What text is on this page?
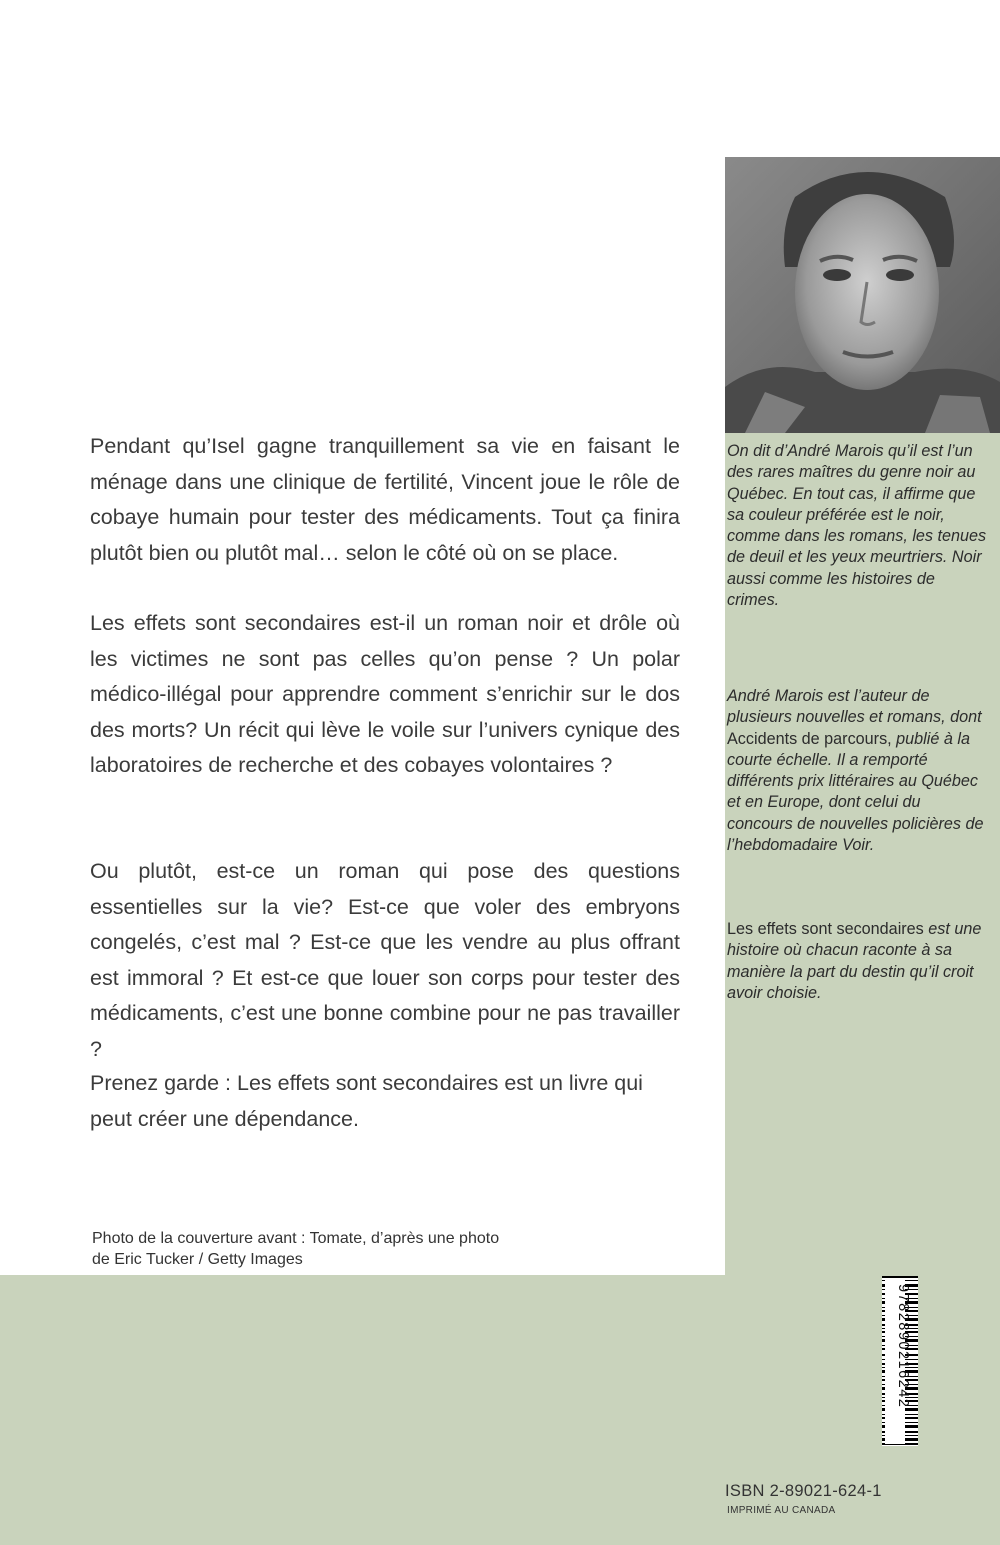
Pendant qu’Isel gagne tranquillement sa vie en faisant le ménage dans une clinique de fertilité, Vincent joue le rôle de cobaye humain pour tester des médicaments. Tout ça finira plutôt bien ou plutôt mal… selon le côté où on se place.

Les effets sont secondaires est-il un roman noir et drôle où les victimes ne sont pas celles qu’on pense ? Un polar médico-illégal pour apprendre comment s’enrichir sur le dos des morts? Un récit qui lève le voile sur l’univers cynique des laboratoires de recherche et des cobayes volontaires ?

Ou plutôt, est-ce un roman qui pose des questions essentielles sur la vie? Est-ce que voler des embryons congelés, c’est mal ? Est-ce que les vendre au plus offrant est immoral ? Et est-ce que louer son corps pour tester des médicaments, c’est une bonne combine pour ne pas travailler ?

Prenez garde : Les effets sont secondaires est un livre qui peut créer une dépendance.

Photo de la couverture avant : Tomate, d’après une photo
de Eric Tucker / Getty Images

On dit d’André Marois qu’il est l’un des rares maîtres du genre noir au Québec. En tout cas, il affirme que sa couleur préférée est le noir, comme dans les romans, les tenues de deuil et les yeux meurtriers. Noir aussi comme les histoires de crimes.

André Marois est l’auteur de plusieurs nouvelles et romans, dont Accidents de parcours, publié à la courte échelle. Il a remporté différents prix littéraires au Québec et en Europe, dont celui du concours de nouvelles policières de l’hebdomadaire Voir.

Les effets sont secondaires est une histoire où chacun raconte à sa manière la part du destin qu’il croit avoir choisie.

9782890216242
ISBN 2-89021-624-1
IMPRIMÉ AU CANADA
